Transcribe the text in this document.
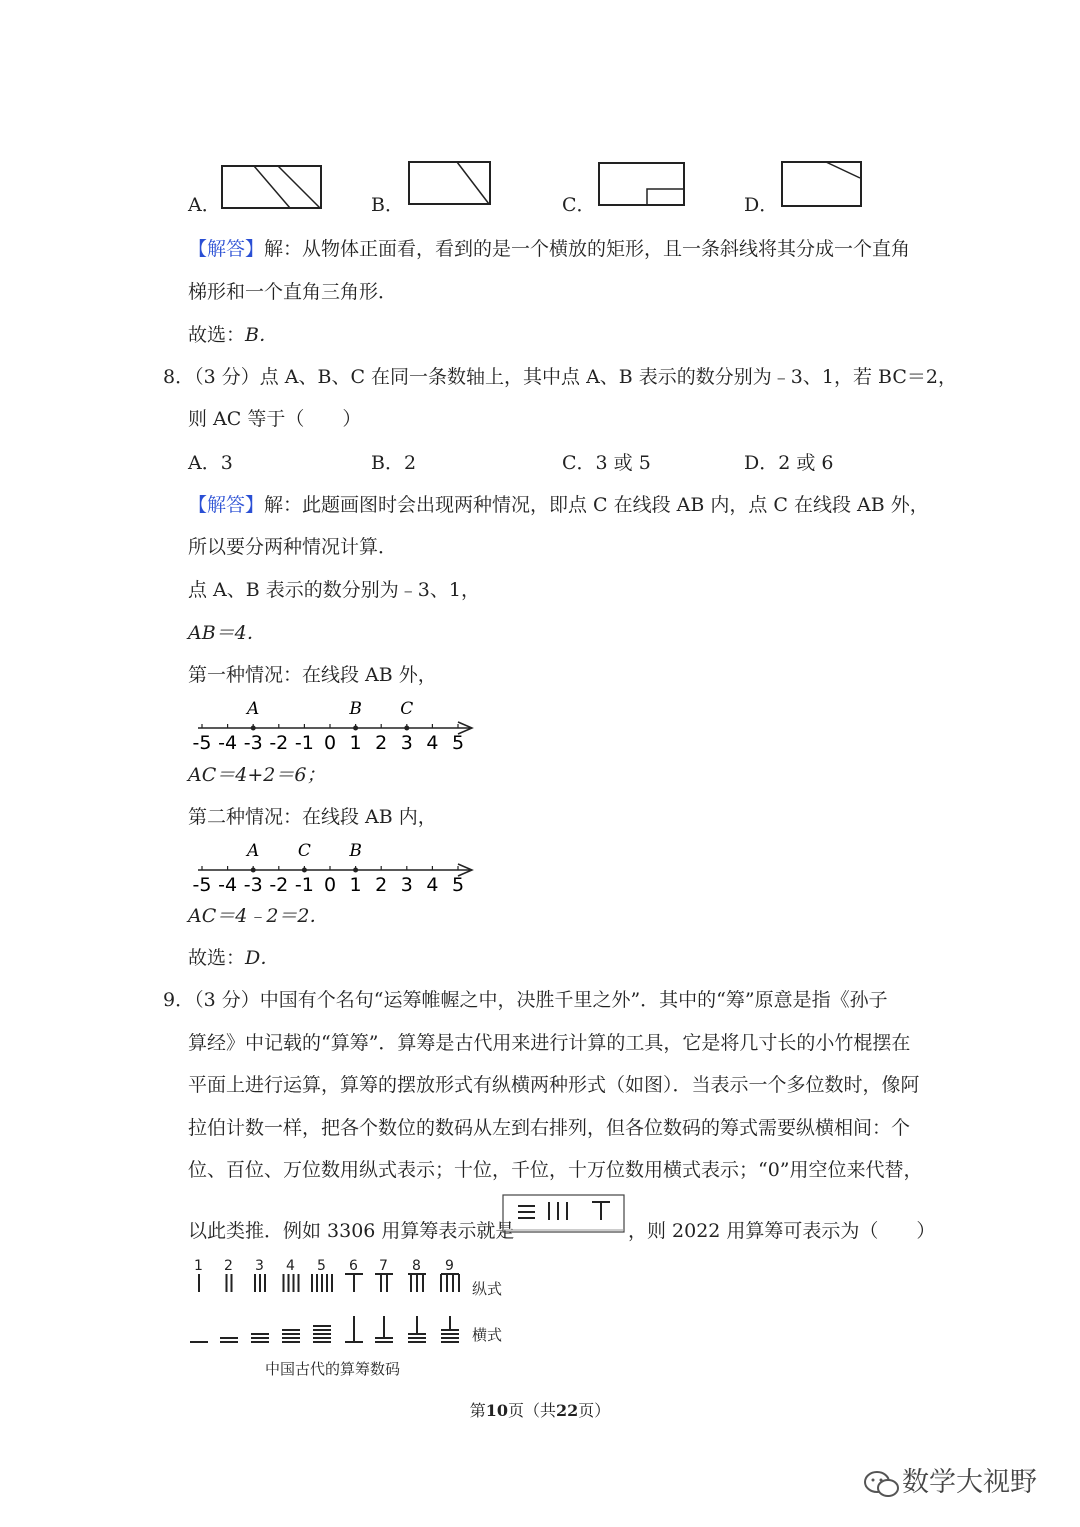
A．	B．	C．	D．
【解答】解：从物体正面看，看到的是一个横放的矩形，且一条斜线将其分成一个直角
梯形和一个直角三角形．
故选：B．
8．（3 分）点 A、B、C 在同一条数轴上，其中点 A、B 表示的数分别为﹣3、1，若 BC＝2，
则 AC 等于（　　）
A．3	B．2	C．3 或 5	D．2 或 6
【解答】解：此题画图时会出现两种情况，即点 C 在线段 AB 内，点 C 在线段 AB 外，
所以要分两种情况计算．
点 A、B 表示的数分别为﹣3、1，
AB＝4．
第一种情况：在线段 AB 外，
-5 -4 -3 -2 -1 0 1 2 3 4 5
A	B C
AC＝4+2＝6；
第二种情况：在线段 AB 内，
-5 -4 -3 -2 -1 0 1 2 3 4 5
A C B
AC＝4﹣2＝2．
故选：D．
9．（3 分）中国有个名句“运筹帷幄之中，决胜千里之外”．其中的“筹”原意是指《孙子
算经》中记载的“算筹”．算筹是古代用来进行计算的工具，它是将几寸长的小竹棍摆在
平面上进行运算，算筹的摆放形式有纵横两种形式（如图）．当表示一个多位数时，像阿
拉伯计数一样，把各个数位的数码从左到右排列，但各位数码的筹式需要纵横相间：个
位、百位、万位数用纵式表示；十位，千位，十万位数用横式表示；“0”用空位来代替，
以此类推．例如 3306 用算筹表示就是	，则 2022 用算筹可表示为（　　）
1 2 3 4 5 6 7 8 9
纵式
横式
中国古代的算筹数码
第10页（共22页）
数学大视野
